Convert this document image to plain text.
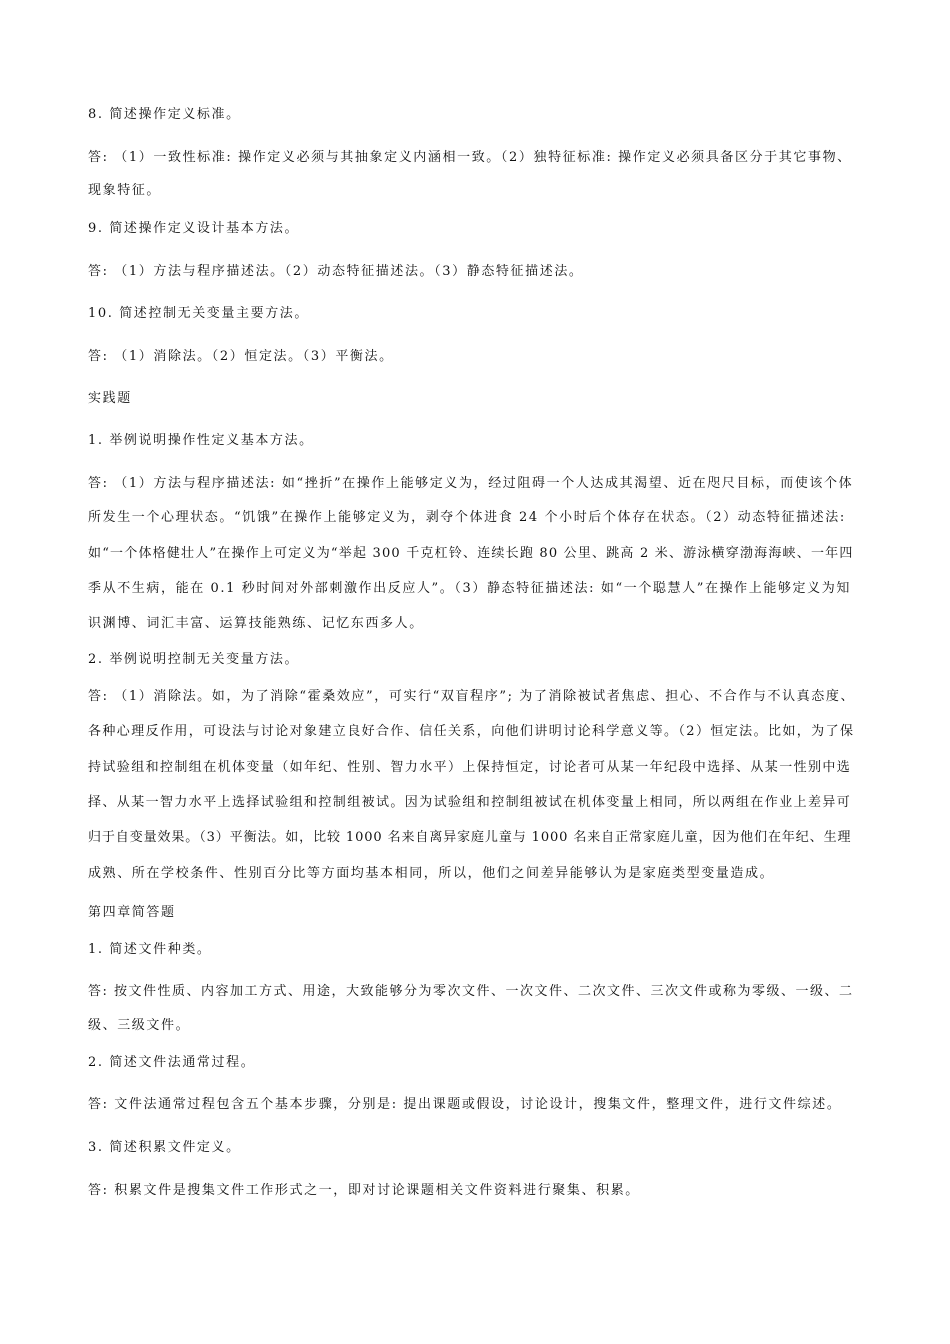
8. 简述操作定义标准。
答: （1）一致性标准: 操作定义必须与其抽象定义内涵相一致。（2）独特征标准: 操作定义必须具备区分于其它事物、
现象特征。
9. 简述操作定义设计基本方法。
答: （1）方法与程序描述法。（2）动态特征描述法。（3）静态特征描述法。
10. 简述控制无关变量主要方法。
答: （1）消除法。（2）恒定法。（3）平衡法。
实践题
1. 举例说明操作性定义基本方法。
答: （1）方法与程序描述法: 如“挫折”在操作上能够定义为，经过阻碍一个人达成其渴望、近在咫尺目标，而使该个体
所发生一个心理状态。“饥饿”在操作上能够定义为，剥夺个体进食 24 个小时后个体存在状态。（2）动态特征描述法:
如“一个体格健壮人”在操作上可定义为“举起 300 千克杠铃、连续长跑 80 公里、跳高 2 米、游泳横穿渤海海峡、一年四
季从不生病，能在 0.1 秒时间对外部刺激作出反应人”。（3）静态特征描述法: 如“一个聪慧人”在操作上能够定义为知
识渊博、词汇丰富、运算技能熟练、记忆东西多人。
2. 举例说明控制无关变量方法。
答: （1）消除法。如，为了消除“霍桑效应”，可实行“双盲程序”; 为了消除被试者焦虑、担心、不合作与不认真态度、
各种心理反作用，可设法与讨论对象建立良好合作、信任关系，向他们讲明讨论科学意义等。（2）恒定法。比如，为了保
持试验组和控制组在机体变量（如年纪、性别、智力水平）上保持恒定，讨论者可从某一年纪段中选择、从某一性别中选
择、从某一智力水平上选择试验组和控制组被试。因为试验组和控制组被试在机体变量上相同，所以两组在作业上差异可
归于自变量效果。（3）平衡法。如，比较 1000 名来自离异家庭儿童与 1000 名来自正常家庭儿童，因为他们在年纪、生理
成熟、所在学校条件、性别百分比等方面均基本相同，所以，他们之间差异能够认为是家庭类型变量造成。
第四章简答题
1. 简述文件种类。
答: 按文件性质、内容加工方式、用途，大致能够分为零次文件、一次文件、二次文件、三次文件或称为零级、一级、二
级、三级文件。
2. 简述文件法通常过程。
答: 文件法通常过程包含五个基本步骤，分别是: 提出课题或假设，讨论设计，搜集文件，整理文件，进行文件综述。
3. 简述积累文件定义。
答: 积累文件是搜集文件工作形式之一，即对讨论课题相关文件资料进行聚集、积累。
